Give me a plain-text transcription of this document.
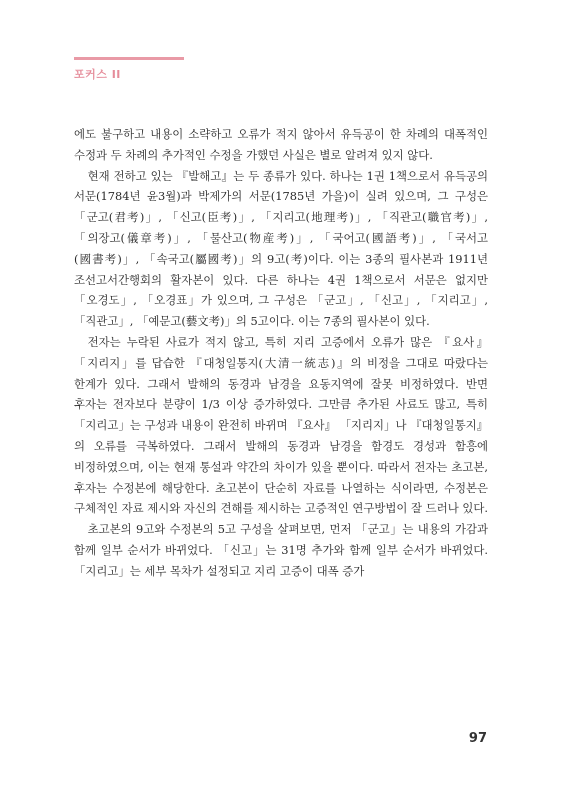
포커스 II

에도 불구하고 내용이 소략하고 오류가 적지 않아서 유득공이 한 차례의 대폭적인 수정과 두 차례의 추가적인 수정을 가했던 사실은 별로 알려져 있지 않다.

현재 전하고 있는 『발해고』는 두 종류가 있다. 하나는 1권 1책으로서 유득공의 서문(1784년 윤3월)과 박제가의 서문(1785년 가을)이 실려 있으며, 그 구성은 「군고(君考)」, 「신고(臣考)」, 「지리고(地理考)」, 「직관고(職官考)」, 「의장고(儀章考)」, 「물산고(物産考)」, 「국어고(國語考)」, 「국서고(國書考)」, 「속국고(屬國考)」의 9고(考)이다. 이는 3종의 필사본과 1911년 조선고서간행회의 활자본이 있다. 다른 하나는 4권 1책으로서 서문은 없지만 「오경도」, 「오경표」가 있으며, 그 구성은 「군고」, 「신고」, 「지리고」, 「직관고」, 「예문고(藝文考)」의 5고이다. 이는 7종의 필사본이 있다.

전자는 누락된 사료가 적지 않고, 특히 지리 고증에서 오류가 많은 『요사』 「지리지」를 답습한 『대청일통지(大清一統志)』의 비정을 그대로 따랐다는 한계가 있다. 그래서 발해의 동경과 남경을 요동지역에 잘못 비정하였다. 반면 후자는 전자보다 분량이 1/3 이상 증가하였다. 그만큼 추가된 사료도 많고, 특히 「지리고」는 구성과 내용이 완전히 바뀌며 『요사』 「지리지」나 『대청일통지』의 오류를 극복하였다. 그래서 발해의 동경과 남경을 함경도 경성과 함흥에 비정하였으며, 이는 현재 통설과 약간의 차이가 있을 뿐이다. 따라서 전자는 초고본, 후자는 수정본에 해당한다. 초고본이 단순히 자료를 나열하는 식이라면, 수정본은 구체적인 자료 제시와 자신의 견해를 제시하는 고증적인 연구방법이 잘 드러나 있다.

초고본의 9고와 수정본의 5고 구성을 살펴보면, 먼저 「군고」는 내용의 가감과 함께 일부 순서가 바뀌었다. 「신고」는 31명 추가와 함께 일부 순서가 바뀌었다. 「지리고」는 세부 목차가 설정되고 지리 고증이 대폭 증가

97
